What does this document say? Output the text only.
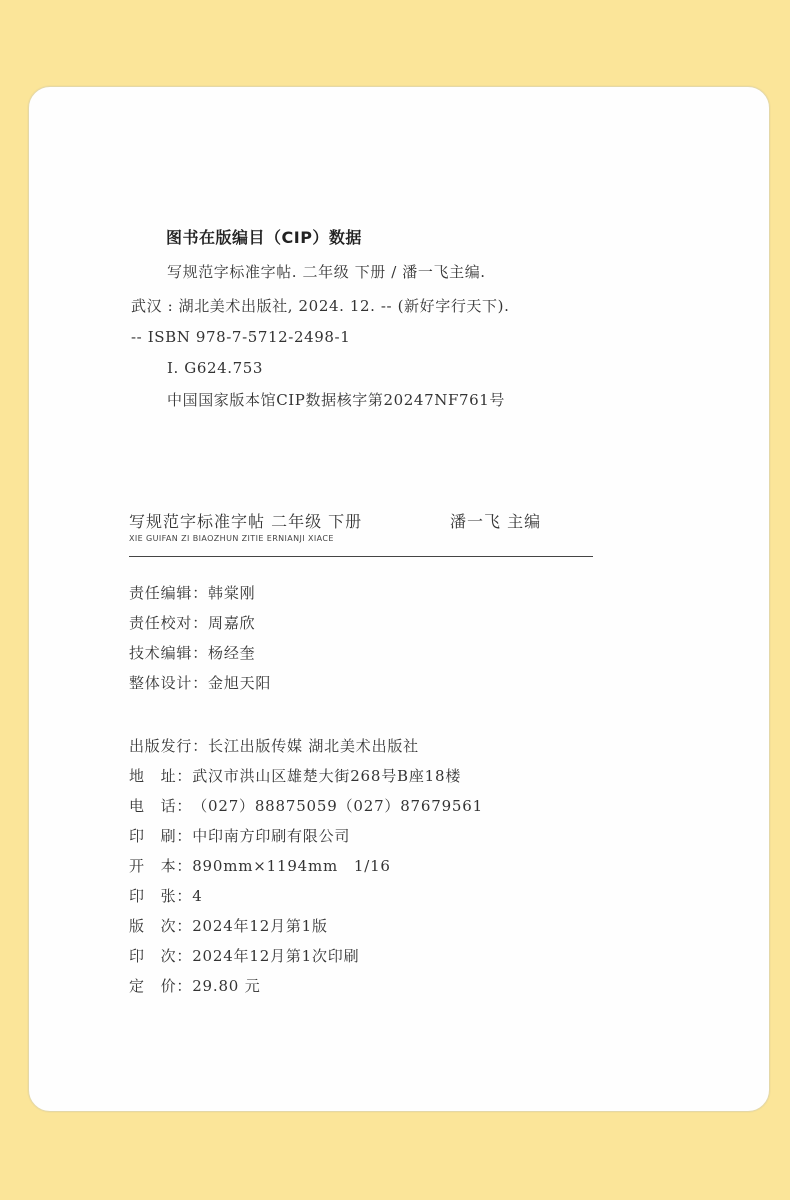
图书在版编目（CIP）数据
写规范字标准字帖. 二年级 下册 / 潘一飞主编.
武汉 : 湖北美术出版社, 2024. 12. -- (新好字行天下).
-- ISBN 978-7-5712-2498-1
Ⅰ. G624.753
中国国家版本馆CIP数据核字第20247NF761号
写规范字标准字帖 二年级 下册	潘一飞 主编
XIE GUIFAN ZI BIAOZHUN ZITIE ERNIANJI XIACE
责任编辑：韩棠刚
责任校对：周嘉欣
技术编辑：杨经奎
整体设计：金旭天阳
出版发行：长江出版传媒 湖北美术出版社
地　址：武汉市洪山区雄楚大街268号B座18楼
电　话：（027）88875059（027）87679561
印　刷：中印南方印刷有限公司
开　本：890mm×1194mm　1/16
印　张：4
版　次：2024年12月第1版
印　次：2024年12月第1次印刷
定　价：29.80 元
